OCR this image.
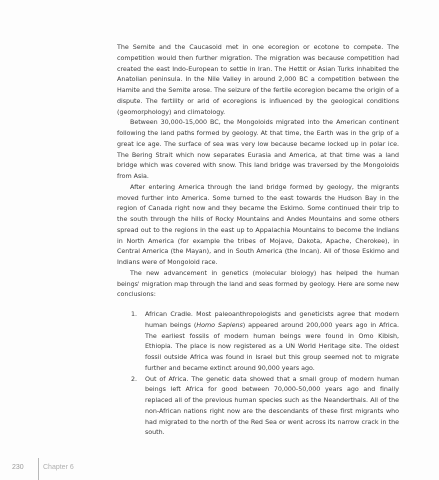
The Semite and the Caucasoid met in one ecoregion or ecotone to compete. The competition would then further migration. The migration was because competition had created the east Indo-European to settle in Iran. The Hettit or Asian Turks inhabited the Anatolian peninsula. In the Nile Valley in around 2,000 BC a competition between the Hamite and the Semite arose. The seizure of the fertile ecoregion became the origin of a dispute. The fertility or arid of ecoregions is influenced by the geological conditions (geomorphology) and climatology.

Between 30,000-15,000 BC, the Mongoloids migrated into the American continent following the land paths formed by geology. At that time, the Earth was in the grip of a great ice age. The surface of sea was very low because became locked up in polar ice. The Bering Strait which now separates Eurasia and America, at that time was a land bridge which was covered with snow. This land bridge was traversed by the Mongoloids from Asia.

After entering America through the land bridge formed by geology, the migrants moved further into America. Some turned to the east towards the Hudson Bay in the region of Canada right now and they became the Eskimo. Some continued their trip to the south through the hills of Rocky Mountains and Andes Mountains and some others spread out to the regions in the east up to Appalachia Mountains to become the Indians in North America (for example the tribes of Mojave, Dakota, Apache, Cherokee), in Central America (the Mayan), and in South America (the Incan). All of those Eskimo and Indians were of Mongoloid race.

The new advancement in genetics (molecular biology) has helped the human beings' migration map through the land and seas formed by geology. Here are some new conclusions:

1. African Cradle. Most paleoanthropologists and geneticists agree that modern human beings (Homo Sapiens) appeared around 200,000 years ago in Africa. The earliest fossils of modern human beings were found in Omo Kibish, Ethiopia. The place is now registered as a UN World Heritage site. The oldest fossil outside Africa was found in Israel but this group seemed not to migrate further and became extinct around 90,000 years ago.
2. Out of Africa. The genetic data showed that a small group of modern human beings left Africa for good between 70,000-50,000 years ago and finally replaced all of the previous human species such as the Neanderthals. All of the non-African nations right now are the descendants of these first migrants who had migrated to the north of the Red Sea or went across its narrow crack in the south.
230	Chapter 6
